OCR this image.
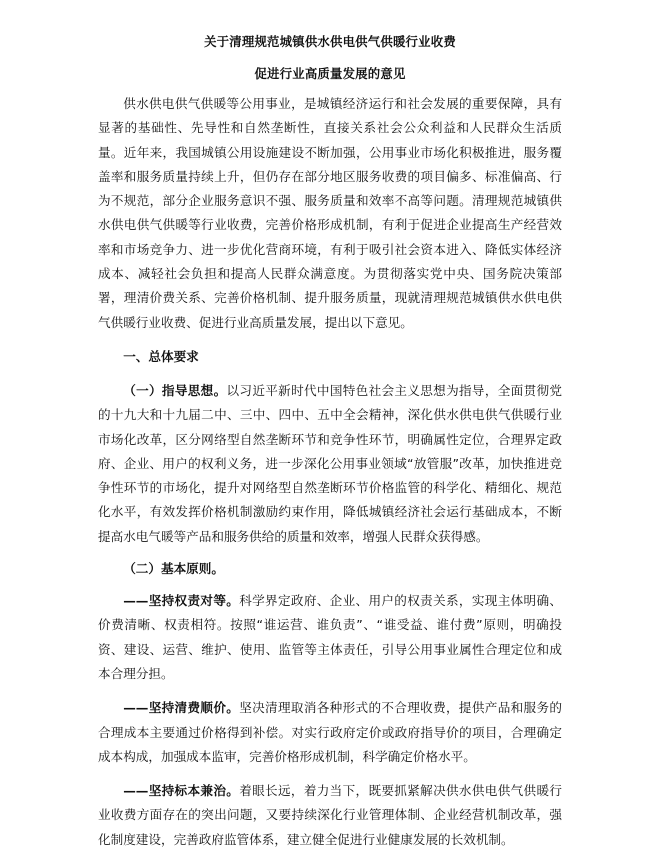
关于清理规范城镇供水供电供气供暖行业收费

促进行业高质量发展的意见

供水供电供气供暖等公用事业，是城镇经济运行和社会发展的重要保障，具有显著的基础性、先导性和自然垄断性，直接关系社会公众利益和人民群众生活质量。近年来，我国城镇公用设施建设不断加强，公用事业市场化积极推进，服务覆盖率和服务质量持续上升，但仍存在部分地区服务收费的项目偏多、标准偏高、行为不规范，部分企业服务意识不强、服务质量和效率不高等问题。清理规范城镇供水供电供气供暖等行业收费，完善价格形成机制，有利于促进企业提高生产经营效率和市场竞争力、进一步优化营商环境，有利于吸引社会资本进入、降低实体经济成本、减轻社会负担和提高人民群众满意度。为贯彻落实党中央、国务院决策部署，理清价费关系、完善价格机制、提升服务质量，现就清理规范城镇供水供电供气供暖行业收费、促进行业高质量发展，提出以下意见。

一、总体要求

（一）指导思想。以习近平新时代中国特色社会主义思想为指导，全面贯彻党的十九大和十九届二中、三中、四中、五中全会精神，深化供水供电供气供暖行业市场化改革，区分网络型自然垄断环节和竞争性环节，明确属性定位，合理界定政府、企业、用户的权利义务，进一步深化公用事业领域“放管服”改革，加快推进竞争性环节的市场化，提升对网络型自然垄断环节价格监管的科学化、精细化、规范化水平，有效发挥价格机制激励约束作用，降低城镇经济社会运行基础成本，不断提高水电气暖等产品和服务供给的质量和效率，增强人民群众获得感。

（二）基本原则。

——坚持权责对等。科学界定政府、企业、用户的权责关系，实现主体明确、价费清晰、权责相符。按照“谁运营、谁负责”、“谁受益、谁付费”原则，明确投资、建设、运营、维护、使用、监管等主体责任，引导公用事业属性合理定位和成本合理分担。

——坚持清费顺价。坚决清理取消各种形式的不合理收费，提供产品和服务的合理成本主要通过价格得到补偿。对实行政府定价或政府指导价的项目，合理确定成本构成，加强成本监审，完善价格形成机制，科学确定价格水平。

——坚持标本兼治。着眼长远，着力当下，既要抓紧解决供水供电供气供暖行业收费方面存在的突出问题，又要持续深化行业管理体制、企业经营机制改革，强化制度建设，完善政府监管体系，建立健全促进行业健康发展的长效机制。
